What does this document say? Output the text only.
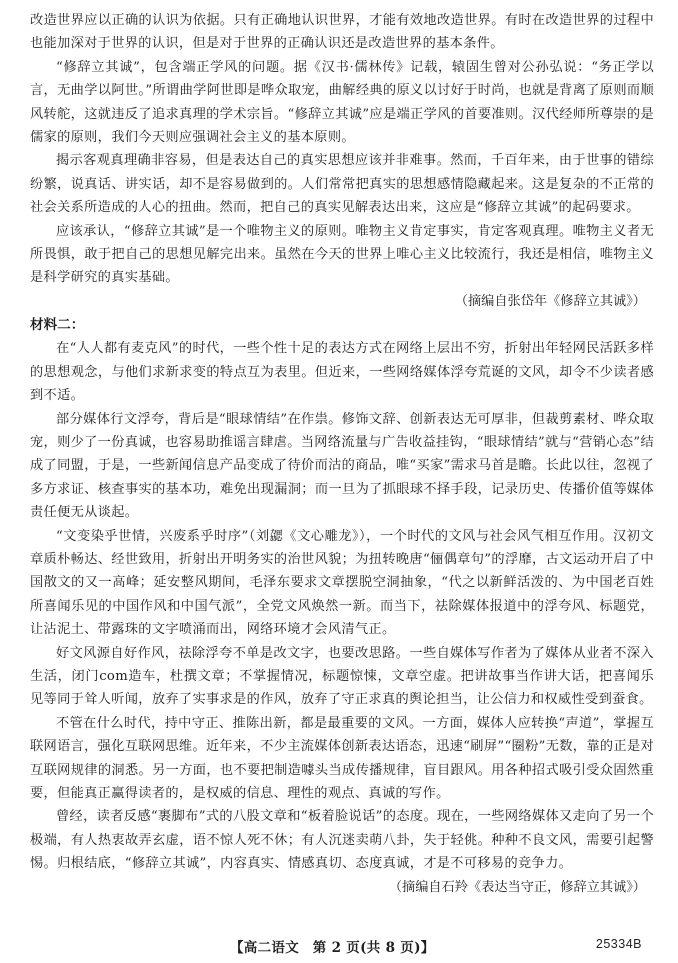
改造世界应以正确的认识为依据。只有正确地认识世界，才能有效地改造世界。有时在改造世界的过程中也能加深对于世界的认识，但是对于世界的正确认识还是改造世界的基本条件。

“修辞立其诚”，包含端正学风的问题。据《汉书·儒林传》记载，辕固生曾对公孙弘说：“务正学以言，无曲学以阿世。”所谓曲学阿世即是哗众取宠，曲解经典的原义以讨好于时尚，也就是背离了原则而顺风转舵，这就违反了追求真理的学术宗旨。“修辞立其诚”应是端正学风的首要准则。汉代经师所尊崇的是儒家的原则，我们今天则应强调社会主义的基本原则。

揭示客观真理确非容易，但是表达自己的真实思想应该并非难事。然而，千百年来，由于世事的错综纷繁，说真话、讲实话，却不是容易做到的。人们常常把真实的思想感情隐藏起来。这是复杂的不正常的社会关系所造成的人心的扭曲。然而，把自己的真实见解表达出来，这应是“修辞立其诚”的起码要求。

应该承认，“修辞立其诚”是一个唯物主义的原则。唯物主义肯定事实，肯定客观真理。唯物主义者无所畏惧，敢于把自己的思想见解完出来。虽然在今天的世界上唯心主义比较流行，我还是相信，唯物主义是科学研究的真实基础。

（摘编自张岱年《修辞立其诚》）

材料二：

在“人人都有麦克风”的时代，一些个性十足的表达方式在网络上层出不穷，折射出年轻网民活跃多样的思想观念，与他们求新求变的特点互为表里。但近来，一些网络媒体浮夸荒诞的文风，却令不少读者感到不适。

部分媒体行文浮夸，背后是“眼球情结”在作祟。修饰文辞、创新表达无可厚非，但裁剪素材、哗众取宠，则少了一份真诚，也容易助推谣言肆虐。当网络流量与广告收益挂钩，“眼球情结”就与“营销心态”结成了同盟，于是，一些新闻信息产品变成了待价而沽的商品，唯“买家”需求马首是瞻。长此以往，忽视了多方求证、核查事实的基本功，难免出现漏洞；而一旦为了抓眼球不择手段，记录历史、传播价值等媒体责任便无从谈起。

“文变染乎世情，兴废系乎时序”（刘勰《文心雕龙》），一个时代的文风与社会风气相互作用。汉初文章质朴畅达、经世致用，折射出开明务实的治世风貌；为扭转晚唐“俪偶章句”的浮靡，古文运动开启了中国散文的又一高峰；延安整风期间，毛泽东要求文章摆脱空洞抽象，“代之以新鲜活泼的、为中国老百姓所喜闻乐见的中国作风和中国气派”，全党文风焕然一新。而当下，祛除媒体报道中的浮夸风、标题党，让沾泥土、带露珠的文字喷涌而出，网络环境才会风清气正。

好文风源自好作风，祛除浮夸不单是改文字，也要改思路。一些自媒体写作者为了媒体从业者不深入生活，闭门com造车，杜撰文章；不掌握情况，标题惊悚，文章空虚。把讲故事当作讲大话，把喜闻乐见等同于耸人听闻，放弃了实事求是的作风，放弃了守正求真的舆论担当，让公信力和权威性受到蚕食。

不管在什么时代，持中守正、推陈出新，都是最重要的文风。一方面，媒体人应转换“声道”，掌握互联网语言，强化互联网思维。近年来，不少主流媒体创新表达语态，迅速“刷屏”“圈粉”无数，靠的正是对互联网规律的洞悉。另一方面，也不要把制造噱头当成传播规律，盲目跟风。用各种招式吸引受众固然重要，但能真正赢得读者的，是权威的信息、理性的观点、真诚的写作。

曾经，读者反感“裹脚布”式的八股文章和“板着脸说话”的态度。现在，一些网络媒体又走向了另一个极端，有人热衷故弄玄虚，语不惊人死不休；有人沉迷卖萌八卦，失于轻佻。种种不良文风，需要引起警惕。归根结底，“修辞立其诚”，内容真实、情感真切、态度真诚，才是不可移易的竞争力。

（摘编自石羚《表达当守正，修辞立其诚》）

【高二语文　第 2 页(共 8 页)】	25334B
